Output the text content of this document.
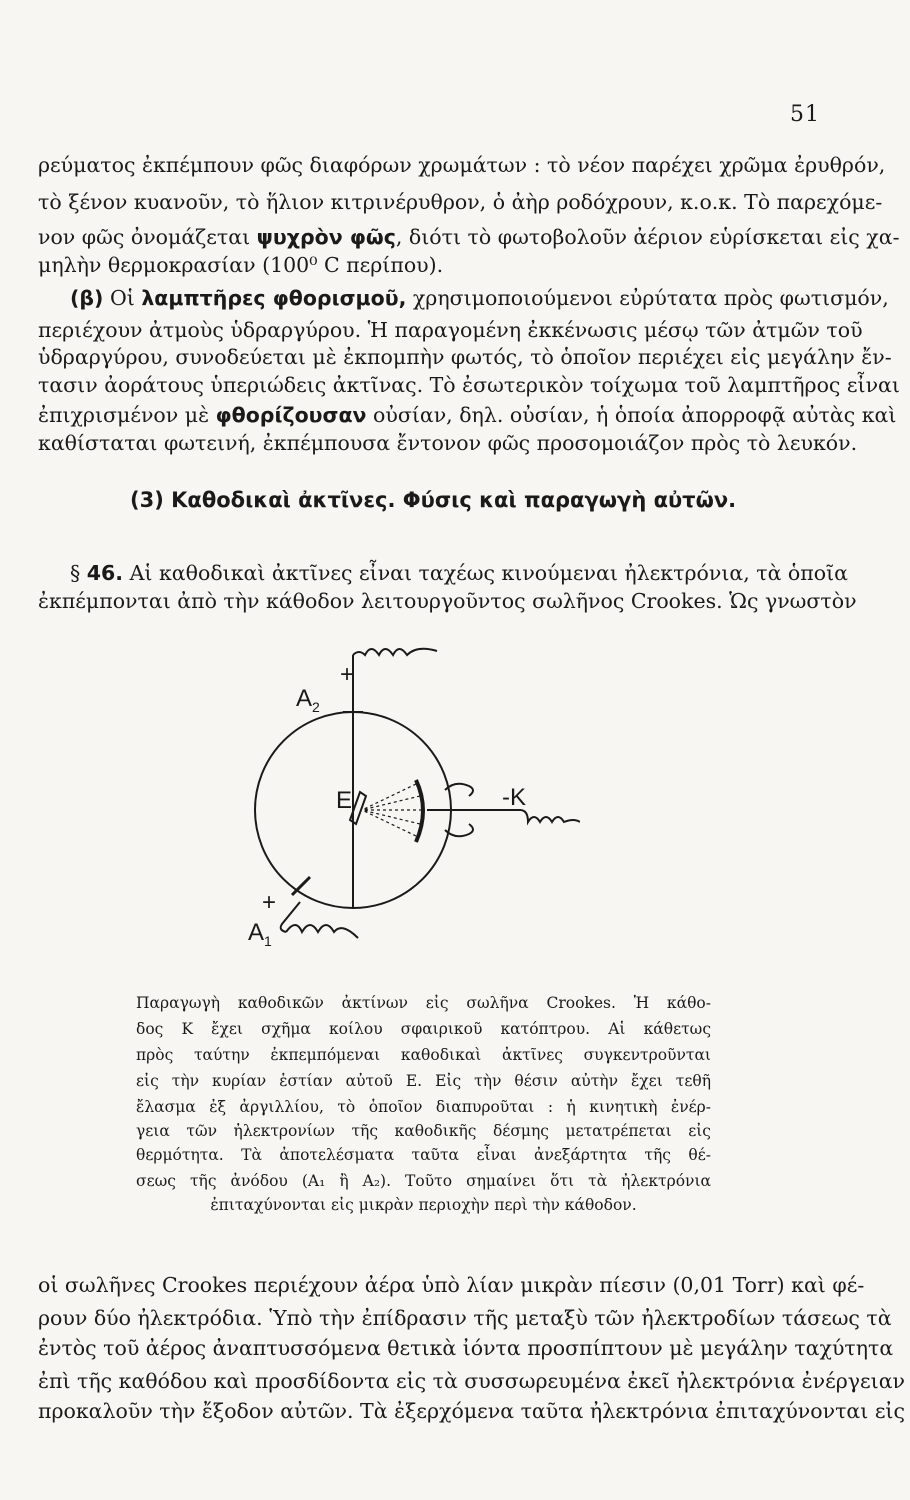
51
ρεύματος ἐκπέμπουν φῶς διαφόρων χρωμάτων : τὸ νέον παρέχει χρῶμα ἐρυθρόν,
τὸ ξένον κυανοῦν, τὸ ἥλιον κιτρινέρυθρον, ὁ ἀὴρ ροδόχρουν, κ.ο.κ. Τὸ παρεχόμε-
νον φῶς ὀνομάζεται ψυχρὸν φῶς, διότι τὸ φωτοβολοῦν ἀέριον εὑρίσκεται εἰς χα-
μηλὴν θερμοκρασίαν (100⁰ C περίπου).
(β) Οἱ λαμπτῆρες φθορισμοῦ, χρησιμοποιούμενοι εὐρύτατα πρὸς φωτισμόν,
περιέχουν ἀτμοὺς ὑδραργύρου. Ἡ παραγομένη ἐκκένωσις μέσῳ τῶν ἀτμῶν τοῦ
ὑδραργύρου, συνοδεύεται μὲ ἐκπομπὴν φωτός, τὸ ὁποῖον περιέχει εἰς μεγάλην ἔν-
τασιν ἀοράτους ὑπεριώδεις ἀκτῖνας. Τὸ ἐσωτερικὸν τοίχωμα τοῦ λαμπτῆρος εἶναι
ἐπιχρισμένον μὲ φθορίζουσαν οὐσίαν, δηλ. οὐσίαν, ἡ ὁποία ἀπορροφᾷ αὐτὰς καὶ
καθίσταται φωτεινή, ἐκπέμπουσα ἔντονον φῶς προσομοιάζον πρὸς τὸ λευκόν.
(3) Καθοδικαὶ ἀκτῖνες. Φύσις καὶ παραγωγὴ αὐτῶν.
§ 46. Αἱ καθοδικαὶ ἀκτῖνες εἶναι ταχέως κινούμεναι ἠλεκτρόνια, τὰ ὁποῖα
ἐκπέμπονται ἀπὸ τὴν κάθοδον λειτουργοῦντος σωλῆνος Crookes. Ὡς γνωστὸν
+
$A_2$
E	-K
+
$A_1$
Παραγωγὴ καθοδικῶν ἀκτίνων εἰς σωλῆνα Crookes. Ἡ κάθο-
δος Κ ἔχει σχῆμα κοίλου σφαιρικοῦ κατόπτρου. Αἱ κάθετως
πρὸς ταύτην ἐκπεμπόμεναι καθοδικαὶ ἀκτῖνες συγκεντροῦνται
εἰς τὴν κυρίαν ἑστίαν αὐτοῦ Ε. Εἰς τὴν θέσιν αὐτὴν ἔχει τεθῆ
ἔλασμα ἐξ ἀργιλλίου, τὸ ὁποῖον διαπυροῦται : ἡ κινητικὴ ἐνέρ-
γεια τῶν ἠλεκτρονίων τῆς καθοδικῆς δέσμης μετατρέπεται εἰς
θερμότητα. Τὰ ἀποτελέσματα ταῦτα εἶναι ἀνεξάρτητα τῆς θέ-
σεως τῆς ἀνόδου (Α₁ ἢ Α₂). Τοῦτο σημαίνει ὅτι τὰ ἠλεκτρόνια
ἐπιταχύνονται εἰς μικρὰν περιοχὴν περὶ τὴν κάθοδον.
οἱ σωλῆνες Crookes περιέχουν ἀέρα ὑπὸ λίαν μικρὰν πίεσιν (0,01 Torr) καὶ φέ-
ρουν δύο ἠλεκτρόδια. Ὑπὸ τὴν ἐπίδρασιν τῆς μεταξὺ τῶν ἠλεκτροδίων τάσεως τὰ
ἐντὸς τοῦ ἀέρος ἀναπτυσσόμενα θετικὰ ἰόντα προσπίπτουν μὲ μεγάλην ταχύτητα
ἐπὶ τῆς καθόδου καὶ προσδίδοντα εἰς τὰ συσσωρευμένα ἐκεῖ ἠλεκτρόνια ἐνέργειαν
προκαλοῦν τὴν ἔξοδον αὐτῶν. Τὰ ἐξερχόμενα ταῦτα ἠλεκτρόνια ἐπιταχύνονται εἰς
